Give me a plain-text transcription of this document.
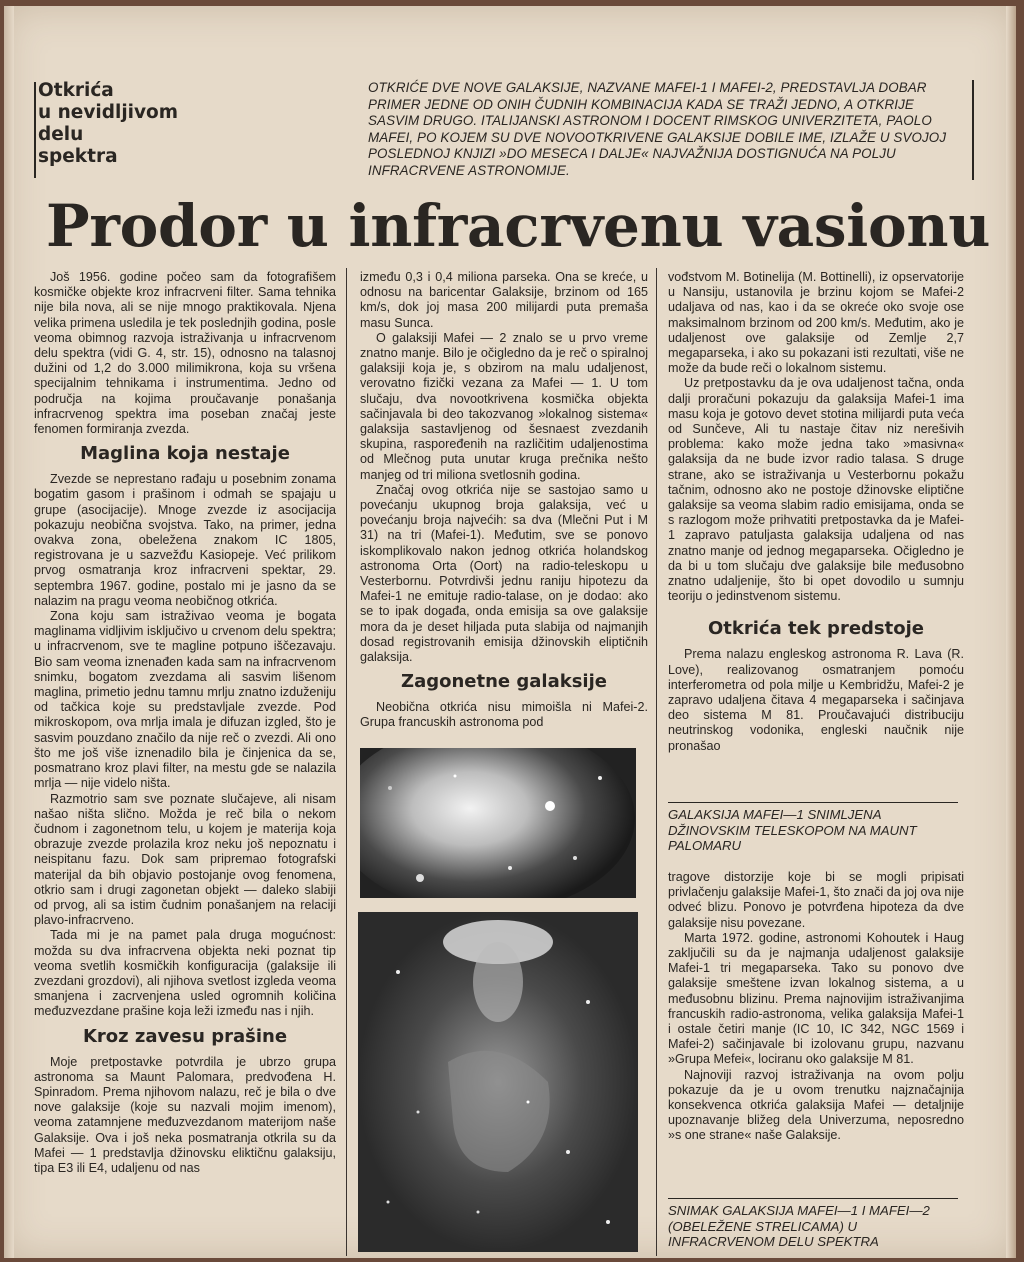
Otkrića
u nevidljivom
delu
spektra

OTKRIĆE DVE NOVE GALAKSIJE, NAZVANE MAFEI-1 I MAFEI-2, PREDSTAVLJA DOBAR PRIMER JEDNE OD ONIH ČUDNIH KOMBINACIJA KADA SE TRAŽI JEDNO, A OTKRIJE SASVIM DRUGO. ITALIJANSKI ASTRONOM I DOCENT RIMSKOG UNIVERZITETA, PAOLO MAFEI, PO KOJEM SU DVE NOVOOTKRIVENE GALAKSIJE DOBILE IME, IZLAŽE U SVOJOJ POSLEDNOJ KNJIZI »DO MESECA I DALJE« NAJVAŽNIJA DOSTIGNUĆA NA POLJU INFRACRVENE ASTRONOMIJE.

Prodor u infracrvenu vasionu

Još 1956. godine počeo sam da fotografišem kosmičke objekte kroz infracrveni filter. Sama tehnika nije bila nova, ali se nije mnogo praktikovala. Njena velika primena usledila je tek poslednjih godina, posle veoma obimnog razvoja istraživanja u infracrvenom delu spektra (vidi G. 4, str. 15), odnosno na talasnoj dužini od 1,2 do 3.000 milimikrona, koja su vršena specijalnim tehnikama i instrumentima. Jedno od područja na kojima proučavanje ponašanja infracrvenog spektra ima poseban značaj jeste fenomen formiranja zvezda.

Maglina koja nestaje

Zvezde se neprestano rađaju u posebnim zonama bogatim gasom i prašinom i odmah se spajaju u grupe (asocijacije). Mnoge zvezde iz asocijacija pokazuju neobična svojstva. Tako, na primer, jedna ovakva zona, obeležena znakom IC 1805, registrovana je u sazvežđu Kasiopeje. Već prilikom prvog osmatranja kroz infracrveni spektar, 29. septembra 1967. godine, postalo mi je jasno da se nalazim na pragu veoma neobičnog otkrića.

Zona koju sam istraživao veoma je bogata maglinama vidljivim isključivo u crvenom delu spektra; u infracrvenom, sve te magline potpuno iščezavaju. Bio sam veoma iznenađen kada sam na infracrvenom snimku, bogatom zvezdama ali sasvim lišenom maglina, primetio jednu tamnu mrlju znatno izduženiju od tačkica koje su predstavljale zvezde. Pod mikroskopom, ova mrlja imala je difuzan izgled, što je sasvim pouzdano značilo da nije reč o zvezdi. Ali ono što me još više iznenadilo bila je činjenica da se, posmatrano kroz plavi filter, na mestu gde se nalazila mrlja — nije videlo ništa.

Razmotrio sam sve poznate slučajeve, ali nisam našao ništa slično. Možda je reč bila o nekom čudnom i zagonetnom telu, u kojem je materija koja obrazuje zvezde prolazila kroz neku još nepoznatu i neispitanu fazu. Dok sam pripremao fotografski materijal da bih objavio postojanje ovog fenomena, otkrio sam i drugi zagonetan objekt — daleko slabiji od prvog, ali sa istim čudnim ponašanjem na relaciji plavo-infracrveno.

Tada mi je na pamet pala druga mogućnost: možda su dva infracrvena objekta neki poznat tip veoma svetlih kosmičkih konfiguracija (galaksije ili zvezdani grozdovi), ali njihova svetlost izgleda veoma smanjena i zacrvenjena usled ogromnih količina međuzvezdane prašine koja leži između nas i njih.

Kroz zavesu prašine

Moje pretpostavke potvrdila je ubrzo grupa astronoma sa Maunt Palomara, predvođena H. Spinradom. Prema njihovom nalazu, reč je bila o dve nove galaksije (koje su nazvali mojim imenom), veoma zatamnjene međuzvezdanom materijom naše Galaksije. Ova i još neka posmatranja otkrila su da Mafei — 1 predstavlja džinovsku eliktičnu galaksiju, tipa E3 ili E4, udaljenu od nas

između 0,3 i 0,4 miliona parseka. Ona se kreće, u odnosu na baricentar Galaksije, brzinom od 165 km/s, dok joj masa 200 milijardi puta premaša masu Sunca.

O galaksiji Mafei — 2 znalo se u prvo vreme znatno manje. Bilo je očigledno da je reč o spiralnoj galaksiji koja je, s obzirom na malu udaljenost, verovatno fizički vezana za Mafei — 1. U tom slučaju, dva novootkrivena kosmička objekta sačinjavala bi deo takozvanog »lokalnog sistema« galaksija sastavljenog od šesnaest zvezdanih skupina, raspoređenih na različitim udaljenostima od Mlečnog puta unutar kruga prečnika nešto manjeg od tri miliona svetlosnih godina.

Značaj ovog otkrića nije se sastojao samo u povećanju ukupnog broja galaksija, već u povećanju broja najvećih: sa dva (Mlečni Put i M 31) na tri (Mafei-1). Međutim, sve se ponovo iskomplikovalo nakon jednog otkrića holandskog astronoma Orta (Oort) na radio-teleskopu u Vesterbornu. Potvrdivši jednu raniju hipotezu da Mafei-1 ne emituje radio-talase, on je dodao: ako se to ipak događa, onda emisija sa ove galaksije mora da je deset hiljada puta slabija od najmanjih dosad registrovanih emisija džinovskih eliptičnih galaksija.

Zagonetne galaksije

Neobična otkrića nisu mimoišla ni Mafei-2. Grupa francuskih astronoma pod

vođstvom M. Botinelija (M. Bottinelli), iz opservatorije u Nansiju, ustanovila je brzinu kojom se Mafei-2 udaljava od nas, kao i da se okreće oko svoje ose maksimalnom brzinom od 200 km/s. Međutim, ako je udaljenost ove galaksije od Zemlje 2,7 megaparseka, i ako su pokazani isti rezultati, više ne može da bude reči o lokalnom sistemu.

Uz pretpostavku da je ova udaljenost tačna, onda dalji proračuni pokazuju da galaksija Mafei-1 ima masu koja je gotovo devet stotina milijardi puta veća od Sunčeve, Ali tu nastaje čitav niz nerešivih problema: kako može jedna tako »masivna« galaksija da ne bude izvor radio talasa. S druge strane, ako se istraživanja u Vesterbornu pokažu tačnim, odnosno ako ne postoje džinovske eliptične galaksije sa veoma slabim radio emisijama, onda se s razlogom može prihvatiti pretpostavka da je Mafei-1 zapravo patuljasta galaksija udaljena od nas znatno manje od jednog megaparseka. Očigledno je da bi u tom slučaju dve galaksije bile međusobno znatno udaljenije, što bi opet dovodilo u sumnju teoriju o jedinstvenom sistemu.

Otkrića tek predstoje

Prema nalazu engleskog astronoma R. Lava (R. Love), realizovanog osmatranjem pomoću interferometra od pola milje u Kembridžu, Mafei-2 je zapravo udaljena čitava 4 megaparseka i sačinjava deo sistema M 81. Proučavajući distribuciju neutrinskog vodonika, engleski naučnik nije pronašao

GALAKSIJA MAFEI—1 SNIMLJENA DŽINOVSKIM TELESKOPOM NA MAUNT PALOMARU

tragove distorzije koje bi se mogli pripisati privlačenju galaksije Mafei-1, što znači da joj ova nije odveć blizu. Ponovo je potvrđena hipoteza da dve galaksije nisu povezane.

Marta 1972. godine, astronomi Kohoutek i Haug zaključili su da je najmanja udaljenost galaksije Mafei-1 tri megaparseka. Tako su ponovo dve galaksije smeštene izvan lokalnog sistema, a u međusobnu blizinu. Prema najnovijim istraživanjima francuskih radio-astronoma, velika galaksija Mafei-1 i ostale četiri manje (IC 10, IC 342, NGC 1569 i Mafei-2) sačinjavale bi izolovanu grupu, nazvanu »Grupa Mefei«, lociranu oko galaksije M 81.

Najnoviji razvoj istraživanja na ovom polju pokazuje da je u ovom trenutku najznačajnija konsekvenca otkrića galaksija Mafei — detaljnije upoznavanje bližeg dela Univerzuma, neposredno »s one strane« naše Galaksije.

SNIMAK GALAKSIJA MAFEI—1 I MAFEI—2 (OBELEŽENE STRELICAMA) U INFRACRVENOM DELU SPEKTRA
